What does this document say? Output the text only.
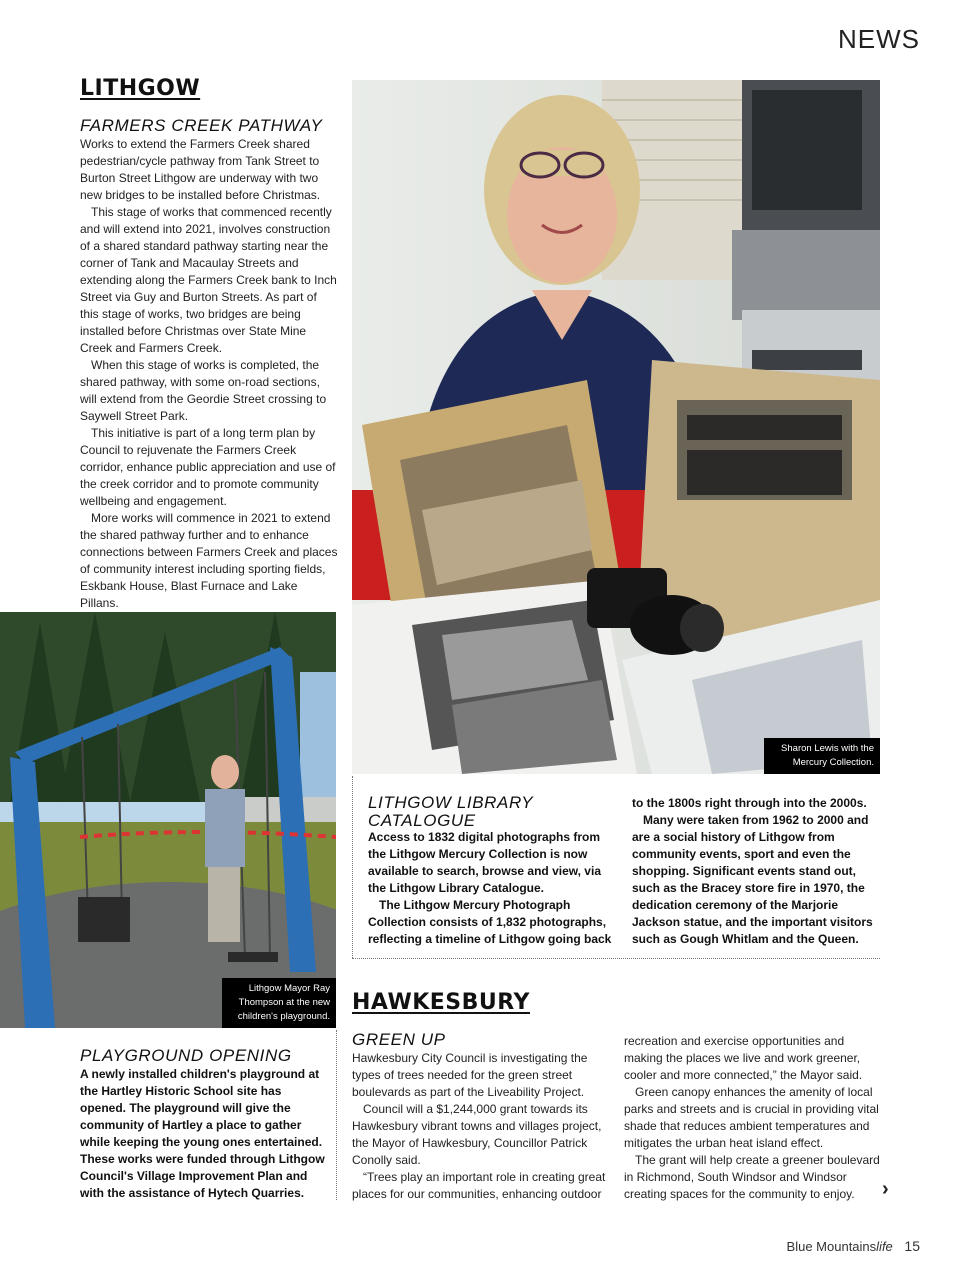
NEWS
LITHGOW
FARMERS CREEK PATHWAY

Works to extend the Farmers Creek shared pedestrian/cycle pathway from Tank Street to Burton Street Lithgow are underway with two new bridges to be installed before Christmas.

This stage of works that commenced recently and will extend into 2021, involves construction of a shared standard pathway starting near the corner of Tank and Macaulay Streets and extending along the Farmers Creek bank to Inch Street via Guy and Burton Streets. As part of this stage of works, two bridges are being installed before Christmas over State Mine Creek and Farmers Creek.

When this stage of works is completed, the shared pathway, with some on-road sections, will extend from the Geordie Street crossing to Saywell Street Park.

This initiative is part of a long term plan by Council to rejuvenate the Farmers Creek corridor, enhance public appreciation and use of the creek corridor and to promote community wellbeing and engagement.

More works will commence in 2021 to extend the shared pathway further and to enhance connections between Farmers Creek and places of community interest including sporting fields, Eskbank House, Blast Furnace and Lake Pillans.

Sharon Lewis with the Mercury Collection.
Lithgow Mayor Ray Thompson at the new children's playground.
LITHGOW LIBRARY CATALOGUE

Access to 1832 digital photographs from the Lithgow Mercury Collection is now available to search, browse and view, via the Lithgow Library Catalogue.

The Lithgow Mercury Photograph Collection consists of 1,832 photographs, reflecting a timeline of Lithgow going back

to the 1800s right through into the 2000s.

Many were taken from 1962 to 2000 and are a social history of Lithgow from community events, sport and even the shopping. Significant events stand out, such as the Bracey store fire in 1970, the dedication ceremony of the Marjorie Jackson statue, and the important visitors such as Gough Whitlam and the Queen.

PLAYGROUND OPENING

A newly installed children's playground at the Hartley Historic School site has opened. The playground will give the community of Hartley a place to gather while keeping the young ones entertained. These works were funded through Lithgow Council's Village Improvement Plan and with the assistance of Hytech Quarries.

HAWKESBURY
GREEN UP

Hawkesbury City Council is investigating the types of trees needed for the green street boulevards as part of the Liveability Project.

Council will a $1,244,000 grant towards its Hawkesbury vibrant towns and villages project, the Mayor of Hawkesbury, Councillor Patrick Conolly said.

“Trees play an important role in creating great places for our communities, enhancing outdoor

recreation and exercise opportunities and making the places we live and work greener, cooler and more connected,” the Mayor said.

Green canopy enhances the amenity of local parks and streets and is crucial in providing vital shade that reduces ambient temperatures and mitigates the urban heat island effect.

The grant will help create a greener boulevard in Richmond, South Windsor and Windsor creating spaces for the community to enjoy.	›
Blue Mountainslife 15
